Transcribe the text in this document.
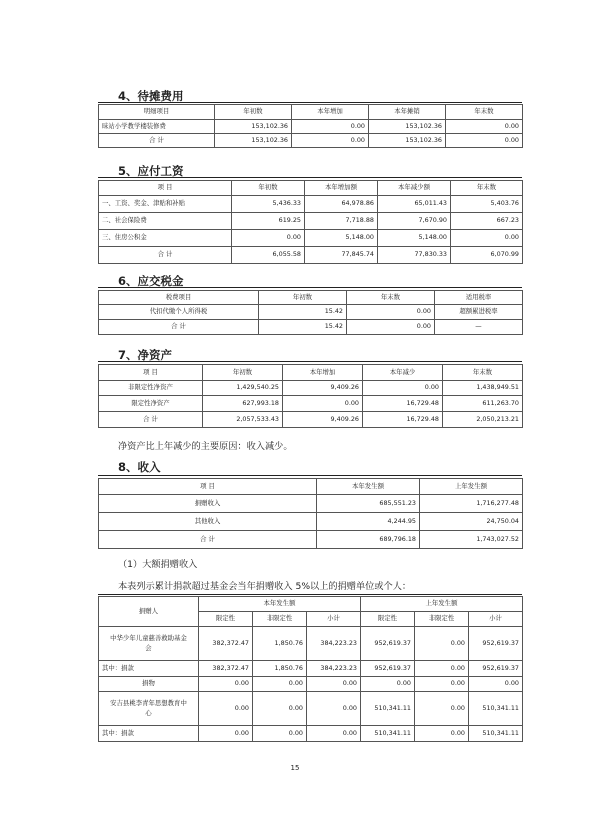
4、待摊费用
明细项目	年初数	本年增加	本年摊销	年末数
昧站小学教学楼装修费	153,102.36	0.00	153,102.36	0.00
合 计	153,102.36	0.00	153,102.36	0.00
5、应付工资
项 目	年初数	本年增加额	本年减少额	年末数
一、工资、奖金、津贴和补贴	5,436.33	64,978.86	65,011.43	5,403.76
二、社会保险费	619.25	7,718.88	7,670.90	667.23
三、住房公积金	0.00	5,148.00	5,148.00	0.00
合 计	6,055.58	77,845.74	77,830.33	6,070.99
6、应交税金
税费项目	年初数	年末数	适用税率
代扣代缴个人所得税	15.42	0.00	超额累进税率
合 计	15.42	0.00	—
7、净资产
项 目	年初数	本年增加	本年减少	年末数
非限定性净资产	1,429,540.25	9,409.26	0.00	1,438,949.51
限定性净资产	627,993.18	0.00	16,729.48	611,263.70
合 计	2,057,533.43	9,409.26	16,729.48	2,050,213.21

净资产比上年减少的主要原因：收入减少。

8、收入
项 目	本年发生额	上年发生额
捐赠收入	685,551.23	1,716,277.48
其他收入	4,244.95	24,750.04
合 计	689,796.18	1,743,027.52

（1）大额捐赠收入

本表列示累计捐款超过基金会当年捐赠收入 5%以上的捐赠单位或个人：

捐赠人	本年发生额			上年发生额		
	限定性	非限定性	小计	限定性	非限定性	小计
中华少年儿童慈善救助基金会	382,372.47	1,850.76	384,223.23	952,619.37	0.00	952,619.37
其中：捐款	382,372.47	1,850.76	384,223.23	952,619.37	0.00	952,619.37
捐物	0.00	0.00	0.00	0.00	0.00	0.00
安吉县桃李青年思想教育中心	0.00	0.00	0.00	510,341.11	0.00	510,341.11
其中：捐款	0.00	0.00	0.00	510,341.11	0.00	510,341.11
15
